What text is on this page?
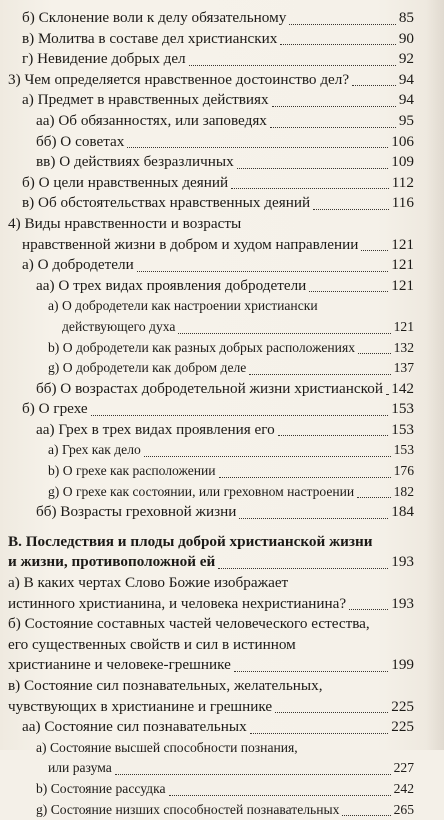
б) Склонение воли к делу обязательному	85
в) Молитва в составе дел христианских	90
г) Невидение добрых дел	92
3) Чем определяется нравственное достоинство дел?	94
а) Предмет в нравственных действиях	94
аа) Об обязанностях, или заповедях	95
бб) О советах	106
вв) О действиях безразличных	109
б) О цели нравственных деяний	112
в) Об обстоятельствах нравственных деяний	116
4) Виды нравственности и возрасты
нравственной жизни в добром и худом направлении 121
а) О добродетели	121
аа) О трех видах проявления добродетели	121
a) О добродетели как настроении христиански
действующего духа	121
b) О добродетели как разных добрых расположениях	132
g) О добродетели как добром деле	137
бб) О возрастах добродетельной жизни христианской 142
б) О грехе	153
аа) Грех в трех видах проявления его	153
a) Грех как дело	153
b) О грехе как расположении	176
g) О грехе как состоянии, или греховном настроении	182
бб) Возрасты греховной жизни	184
В. Последствия и плоды доброй христианской жизни
и жизни, противоположной ей	193
а) В каких чертах Слово Божие изображает
истинного христианина, и человека нехристианина?	193
б) Состояние составных частей человеческого естества,
его существенных свойств и сил в истинном
христианине и человеке-грешнике	199
в) Состояние сил познавательных, желательных,
чувствующих в христианине и грешнике	225
аа) Состояние сил познавательных	225
a) Состояние высшей способности познания,
или разума	227
b) Состояние рассудка	242
g) Состояние низших способностей познавательных	265
